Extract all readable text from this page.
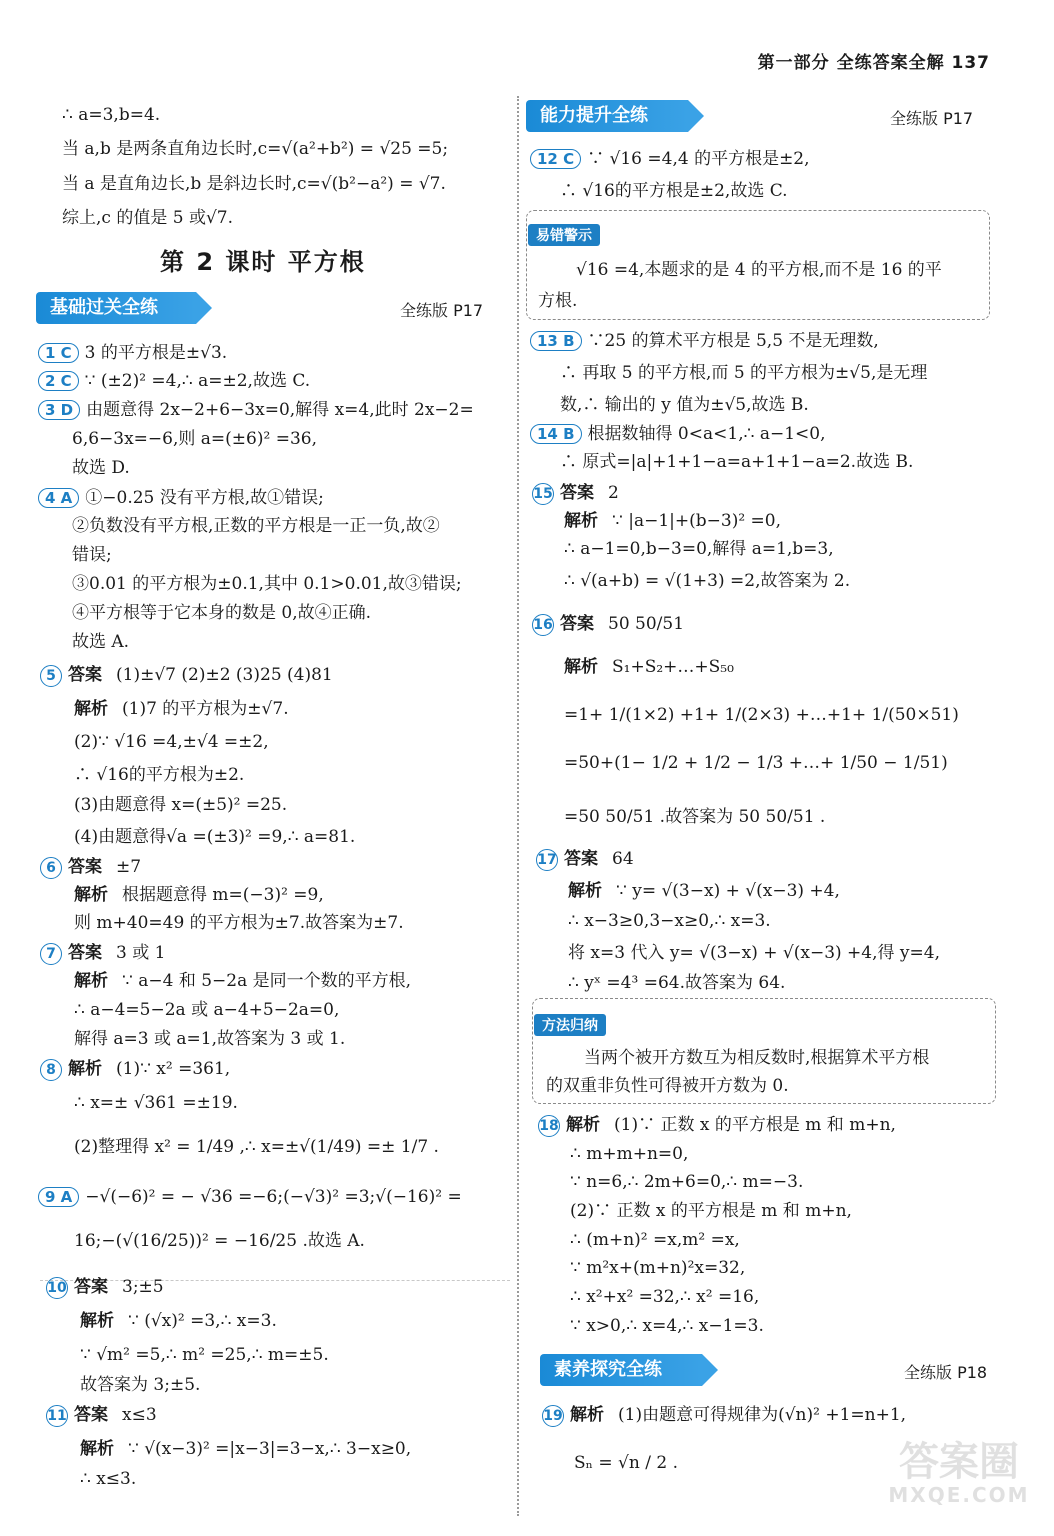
第一部分 全练答案全解 137
∴ a=3,b=4.
当 a,b 是两条直角边长时,c=√(a²+b²) = √25 =5;
当 a 是直角边长,b 是斜边长时,c=√(b²−a²) = √7.
综上,c 的值是 5 或√7.
第 2 课时 平方根
基础过关全练	全练版 P17
1 C 3 的平方根是±√3.
2 C ∵ (±2)² =4,∴ a=±2,故选 C.
3 D 由题意得 2x−2+6−3x=0,解得 x=4,此时 2x−2=
6,6−3x=−6,则 a=(±6)² =36,
故选 D.
4 A ①−0.25 没有平方根,故①错误;
②负数没有平方根,正数的平方根是一正一负,故②
错误;
③0.01 的平方根为±0.1,其中 0.1>0.01,故③错误;
④平方根等于它本身的数是 0,故④正确.
故选 A.
5 答案 (1)±√7 (2)±2 (3)25 (4)81
解析 (1)7 的平方根为±√7.
(2)∵ √16 =4,±√4 =±2,
∴ √16的平方根为±2.
(3)由题意得 x=(±5)² =25.
(4)由题意得√a =(±3)² =9,∴ a=81.
6 答案 ±7
解析 根据题意得 m=(−3)² =9,
则 m+40=49 的平方根为±7.故答案为±7.
7 答案 3 或 1
解析 ∵ a−4 和 5−2a 是同一个数的平方根,
∴ a−4=5−2a 或 a−4+5−2a=0,
解得 a=3 或 a=1,故答案为 3 或 1.
8 解析 (1)∵ x² =361,
∴ x=± √361 =±19.
(2)整理得 x² = 1/49 ,∴ x=±√(1/49) =± 1/7 .
9 A −√(−6)² = − √36 =−6;(−√3)² =3;√(−16)² =
16;−(√(16/25))² = −16/25 .故选 A.
10 答案 3;±5
解析 ∵ (√x)² =3,∴ x=3.
∵ √m² =5,∴ m² =25,∴ m=±5.
故答案为 3;±5.
11 答案 x≤3
解析 ∵ √(x−3)² =|x−3|=3−x,∴ 3−x≥0,
∴ x≤3.
能力提升全练	全练版 P17
12 C ∵ √16 =4,4 的平方根是±2,
∴ √16的平方根是±2,故选 C.
易错警示
√16 =4,本题求的是 4 的平方根,而不是 16 的平
方根.
13 B ∵25 的算术平方根是 5,5 不是无理数,
∴ 再取 5 的平方根,而 5 的平方根为±√5,是无理
数,∴ 输出的 y 值为±√5,故选 B.
14 B 根据数轴得 0<a<1,∴ a−1<0,
∴ 原式=|a|+1+1−a=a+1+1−a=2.故选 B.
15 答案 2
解析 ∵ |a−1|+(b−3)² =0,
∴ a−1=0,b−3=0,解得 a=1,b=3,
∴ √(a+b) = √(1+3) =2,故答案为 2.
16 答案 50 50/51
解析 S₁+S₂+…+S₅₀
=1+ 1/(1×2) +1+ 1/(2×3) +…+1+ 1/(50×51)
=50+(1− 1/2 + 1/2 − 1/3 +…+ 1/50 − 1/51)
=50 50/51 .故答案为 50 50/51 .
17 答案 64
解析 ∵ y= √(3−x) + √(x−3) +4,
∴ x−3≥0,3−x≥0,∴ x=3.
将 x=3 代入 y= √(3−x) + √(x−3) +4,得 y=4,
∴ yˣ =4³ =64.故答案为 64.
方法归纳
当两个被开方数互为相反数时,根据算术平方根
的双重非负性可得被开方数为 0.
18 解析 (1)∵ 正数 x 的平方根是 m 和 m+n,
∴ m+m+n=0,
∵ n=6,∴ 2m+6=0,∴ m=−3.
(2)∵ 正数 x 的平方根是 m 和 m+n,
∴ (m+n)² =x,m² =x,
∵ m²x+(m+n)²x=32,
∴ x²+x² =32,∴ x² =16,
∵ x>0,∴ x=4,∴ x−1=3.
素养探究全练	全练版 P18
19 解析 (1)由题意可得规律为(√n)² +1=n+1,
Sₙ = √n / 2 .	答案圈
MXQE.COM
